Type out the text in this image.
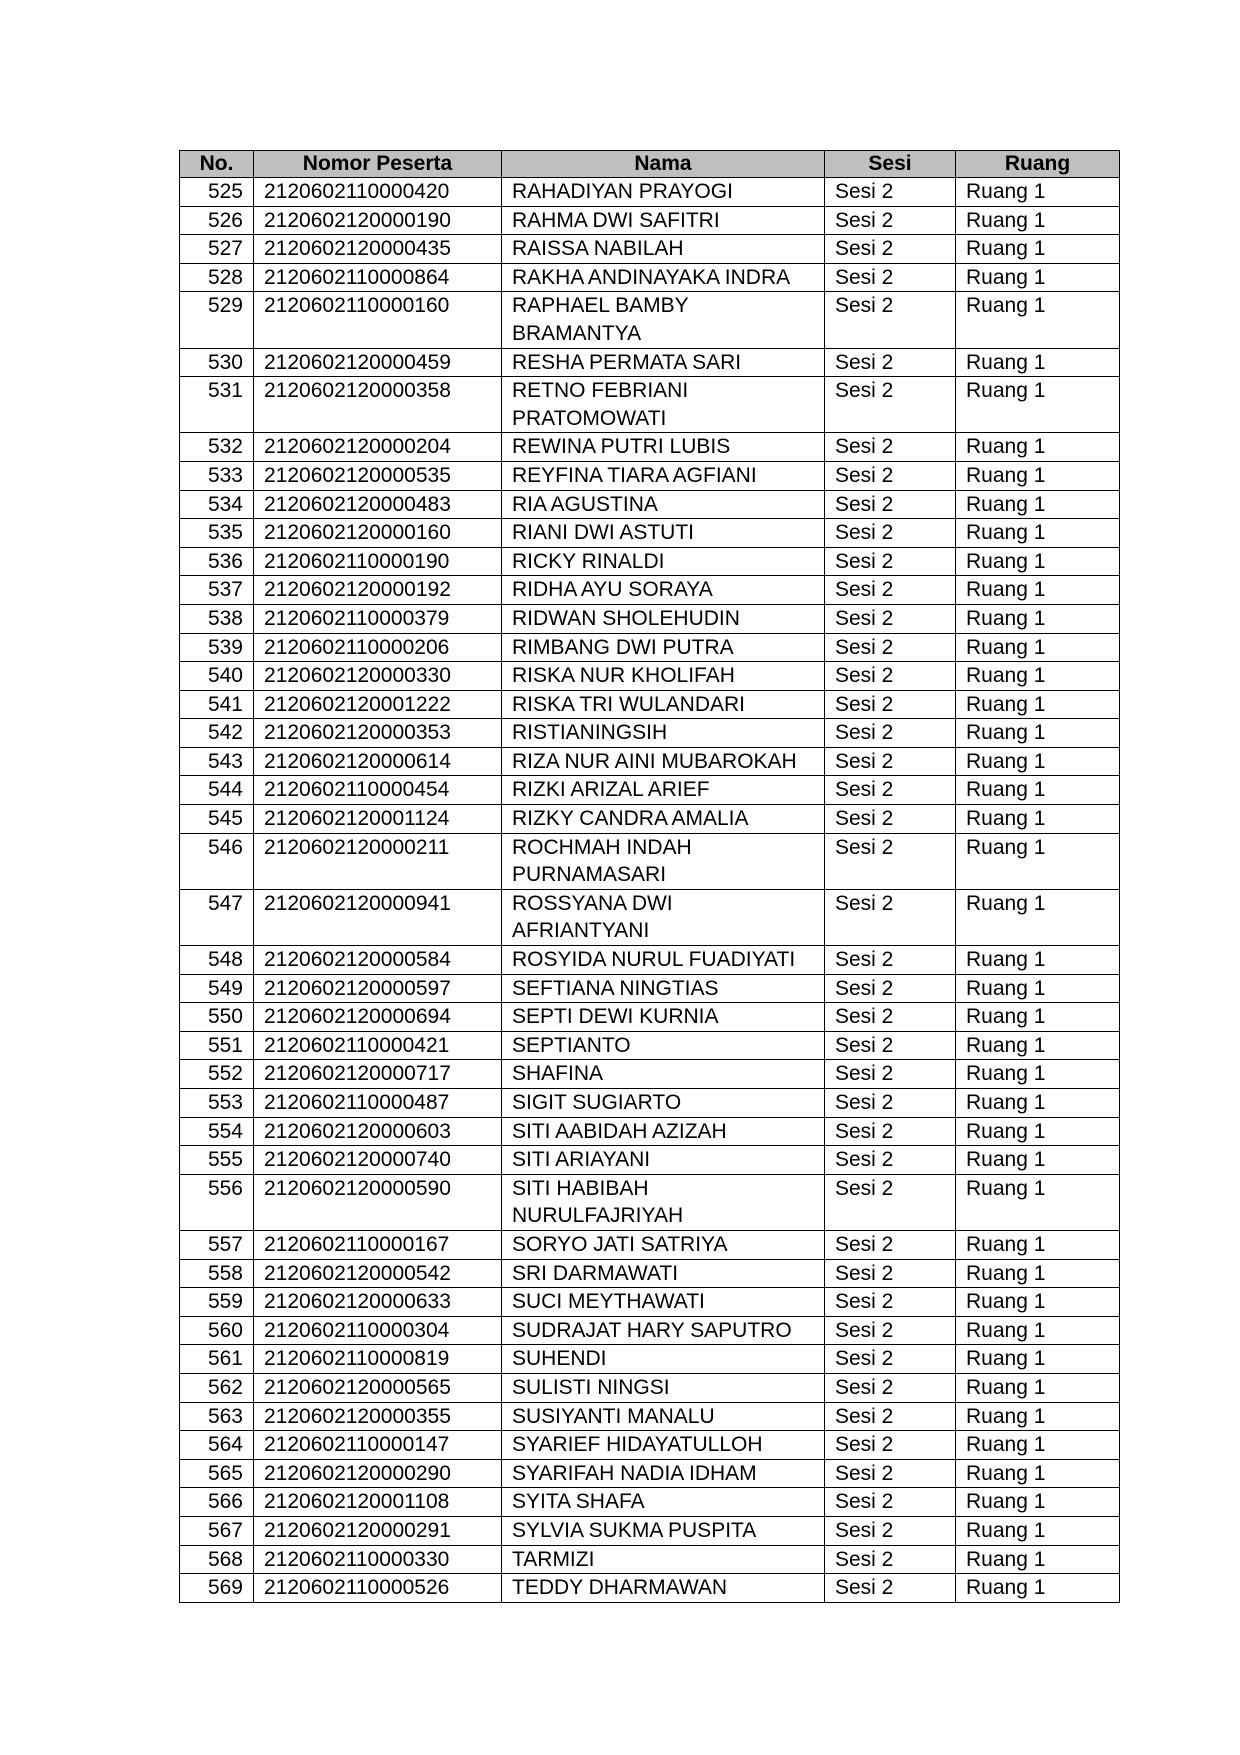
No.	Nomor Peserta	Nama	Sesi	Ruang
525	2120602110000420	RAHADIYAN PRAYOGI	Sesi 2	Ruang 1
526	2120602120000190	RAHMA DWI SAFITRI	Sesi 2	Ruang 1
527	2120602120000435	RAISSA NABILAH	Sesi 2	Ruang 1
528	2120602110000864	RAKHA ANDINAYAKA INDRA	Sesi 2	Ruang 1
529	2120602110000160	RAPHAEL BAMBY BRAMANTYA	Sesi 2	Ruang 1
530	2120602120000459	RESHA PERMATA SARI	Sesi 2	Ruang 1
531	2120602120000358	RETNO FEBRIANI PRATOMOWATI	Sesi 2	Ruang 1
532	2120602120000204	REWINA PUTRI LUBIS	Sesi 2	Ruang 1
533	2120602120000535	REYFINA TIARA AGFIANI	Sesi 2	Ruang 1
534	2120602120000483	RIA AGUSTINA	Sesi 2	Ruang 1
535	2120602120000160	RIANI DWI ASTUTI	Sesi 2	Ruang 1
536	2120602110000190	RICKY RINALDI	Sesi 2	Ruang 1
537	2120602120000192	RIDHA AYU SORAYA	Sesi 2	Ruang 1
538	2120602110000379	RIDWAN SHOLEHUDIN	Sesi 2	Ruang 1
539	2120602110000206	RIMBANG DWI PUTRA	Sesi 2	Ruang 1
540	2120602120000330	RISKA NUR KHOLIFAH	Sesi 2	Ruang 1
541	2120602120001222	RISKA TRI WULANDARI	Sesi 2	Ruang 1
542	2120602120000353	RISTIANINGSIH	Sesi 2	Ruang 1
543	2120602120000614	RIZA NUR AINI MUBAROKAH	Sesi 2	Ruang 1
544	2120602110000454	RIZKI ARIZAL ARIEF	Sesi 2	Ruang 1
545	2120602120001124	RIZKY CANDRA AMALIA	Sesi 2	Ruang 1
546	2120602120000211	ROCHMAH INDAH PURNAMASARI	Sesi 2	Ruang 1
547	2120602120000941	ROSSYANA DWI AFRIANTYANI	Sesi 2	Ruang 1
548	2120602120000584	ROSYIDA NURUL FUADIYATI	Sesi 2	Ruang 1
549	2120602120000597	SEFTIANA NINGTIAS	Sesi 2	Ruang 1
550	2120602120000694	SEPTI DEWI KURNIA	Sesi 2	Ruang 1
551	2120602110000421	SEPTIANTO	Sesi 2	Ruang 1
552	2120602120000717	SHAFINA	Sesi 2	Ruang 1
553	2120602110000487	SIGIT SUGIARTO	Sesi 2	Ruang 1
554	2120602120000603	SITI AABIDAH AZIZAH	Sesi 2	Ruang 1
555	2120602120000740	SITI ARIAYANI	Sesi 2	Ruang 1
556	2120602120000590	SITI HABIBAH NURULFAJRIYAH	Sesi 2	Ruang 1
557	2120602110000167	SORYO JATI SATRIYA	Sesi 2	Ruang 1
558	2120602120000542	SRI DARMAWATI	Sesi 2	Ruang 1
559	2120602120000633	SUCI MEYTHAWATI	Sesi 2	Ruang 1
560	2120602110000304	SUDRAJAT HARY SAPUTRO	Sesi 2	Ruang 1
561	2120602110000819	SUHENDI	Sesi 2	Ruang 1
562	2120602120000565	SULISTI NINGSI	Sesi 2	Ruang 1
563	2120602120000355	SUSIYANTI MANALU	Sesi 2	Ruang 1
564	2120602110000147	SYARIEF HIDAYATULLOH	Sesi 2	Ruang 1
565	2120602120000290	SYARIFAH NADIA IDHAM	Sesi 2	Ruang 1
566	2120602120001108	SYITA SHAFA	Sesi 2	Ruang 1
567	2120602120000291	SYLVIA SUKMA PUSPITA	Sesi 2	Ruang 1
568	2120602110000330	TARMIZI	Sesi 2	Ruang 1
569	2120602110000526	TEDDY DHARMAWAN	Sesi 2	Ruang 1
